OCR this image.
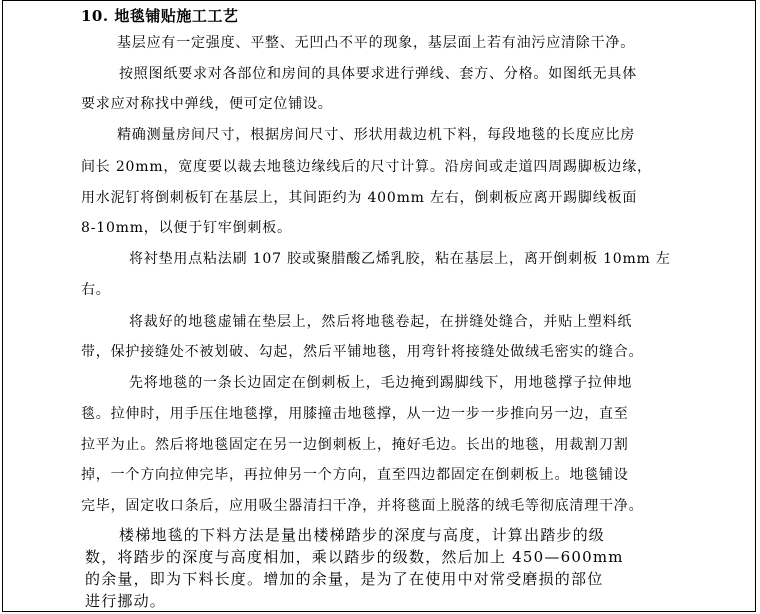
10. 地毯铺贴施工工艺
基层应有一定强度、平整、无凹凸不平的现象，基层面上若有油污应清除干净。
按照图纸要求对各部位和房间的具体要求进行弹线、套方、分格。如图纸无具体
要求应对称找中弹线，便可定位铺设。
精确测量房间尺寸，根据房间尺寸、形状用裁边机下料，每段地毯的长度应比房
间长 20mm，宽度要以裁去地毯边缘线后的尺寸计算。沿房间或走道四周踢脚板边缘，
用水泥钉将倒刺板钉在基层上，其间距约为 400mm 左右，倒刺板应离开踢脚线板面
8-10mm，以便于钉牢倒刺板。
将衬垫用点粘法刷 107 胶或聚腊酸乙烯乳胶，粘在基层上，离开倒刺板 10mm 左
右。
将裁好的地毯虚铺在垫层上，然后将地毯卷起，在拼缝处缝合，并贴上塑料纸
带，保护接缝处不被划破、勾起，然后平铺地毯，用弯针将接缝处做绒毛密实的缝合。
先将地毯的一条长边固定在倒刺板上，毛边掩到踢脚线下，用地毯撑子拉伸地
毯。拉伸时，用手压住地毯撑，用膝撞击地毯撑，从一边一步一步推向另一边，直至
拉平为止。然后将地毯固定在另一边倒刺板上，掩好毛边。长出的地毯，用裁割刀割
掉，一个方向拉伸完毕，再拉伸另一个方向，直至四边都固定在倒刺板上。地毯铺设
完毕，固定收口条后，应用吸尘器清扫干净，并将毯面上脱落的绒毛等彻底清理干净。
楼梯地毯的下料方法是量出楼梯踏步的深度与高度，计算出踏步的级
数，将踏步的深度与高度相加，乘以踏步的级数，然后加上 450—600mm
的余量，即为下料长度。增加的余量，是为了在使用中对常受磨损的部位
进行挪动。
